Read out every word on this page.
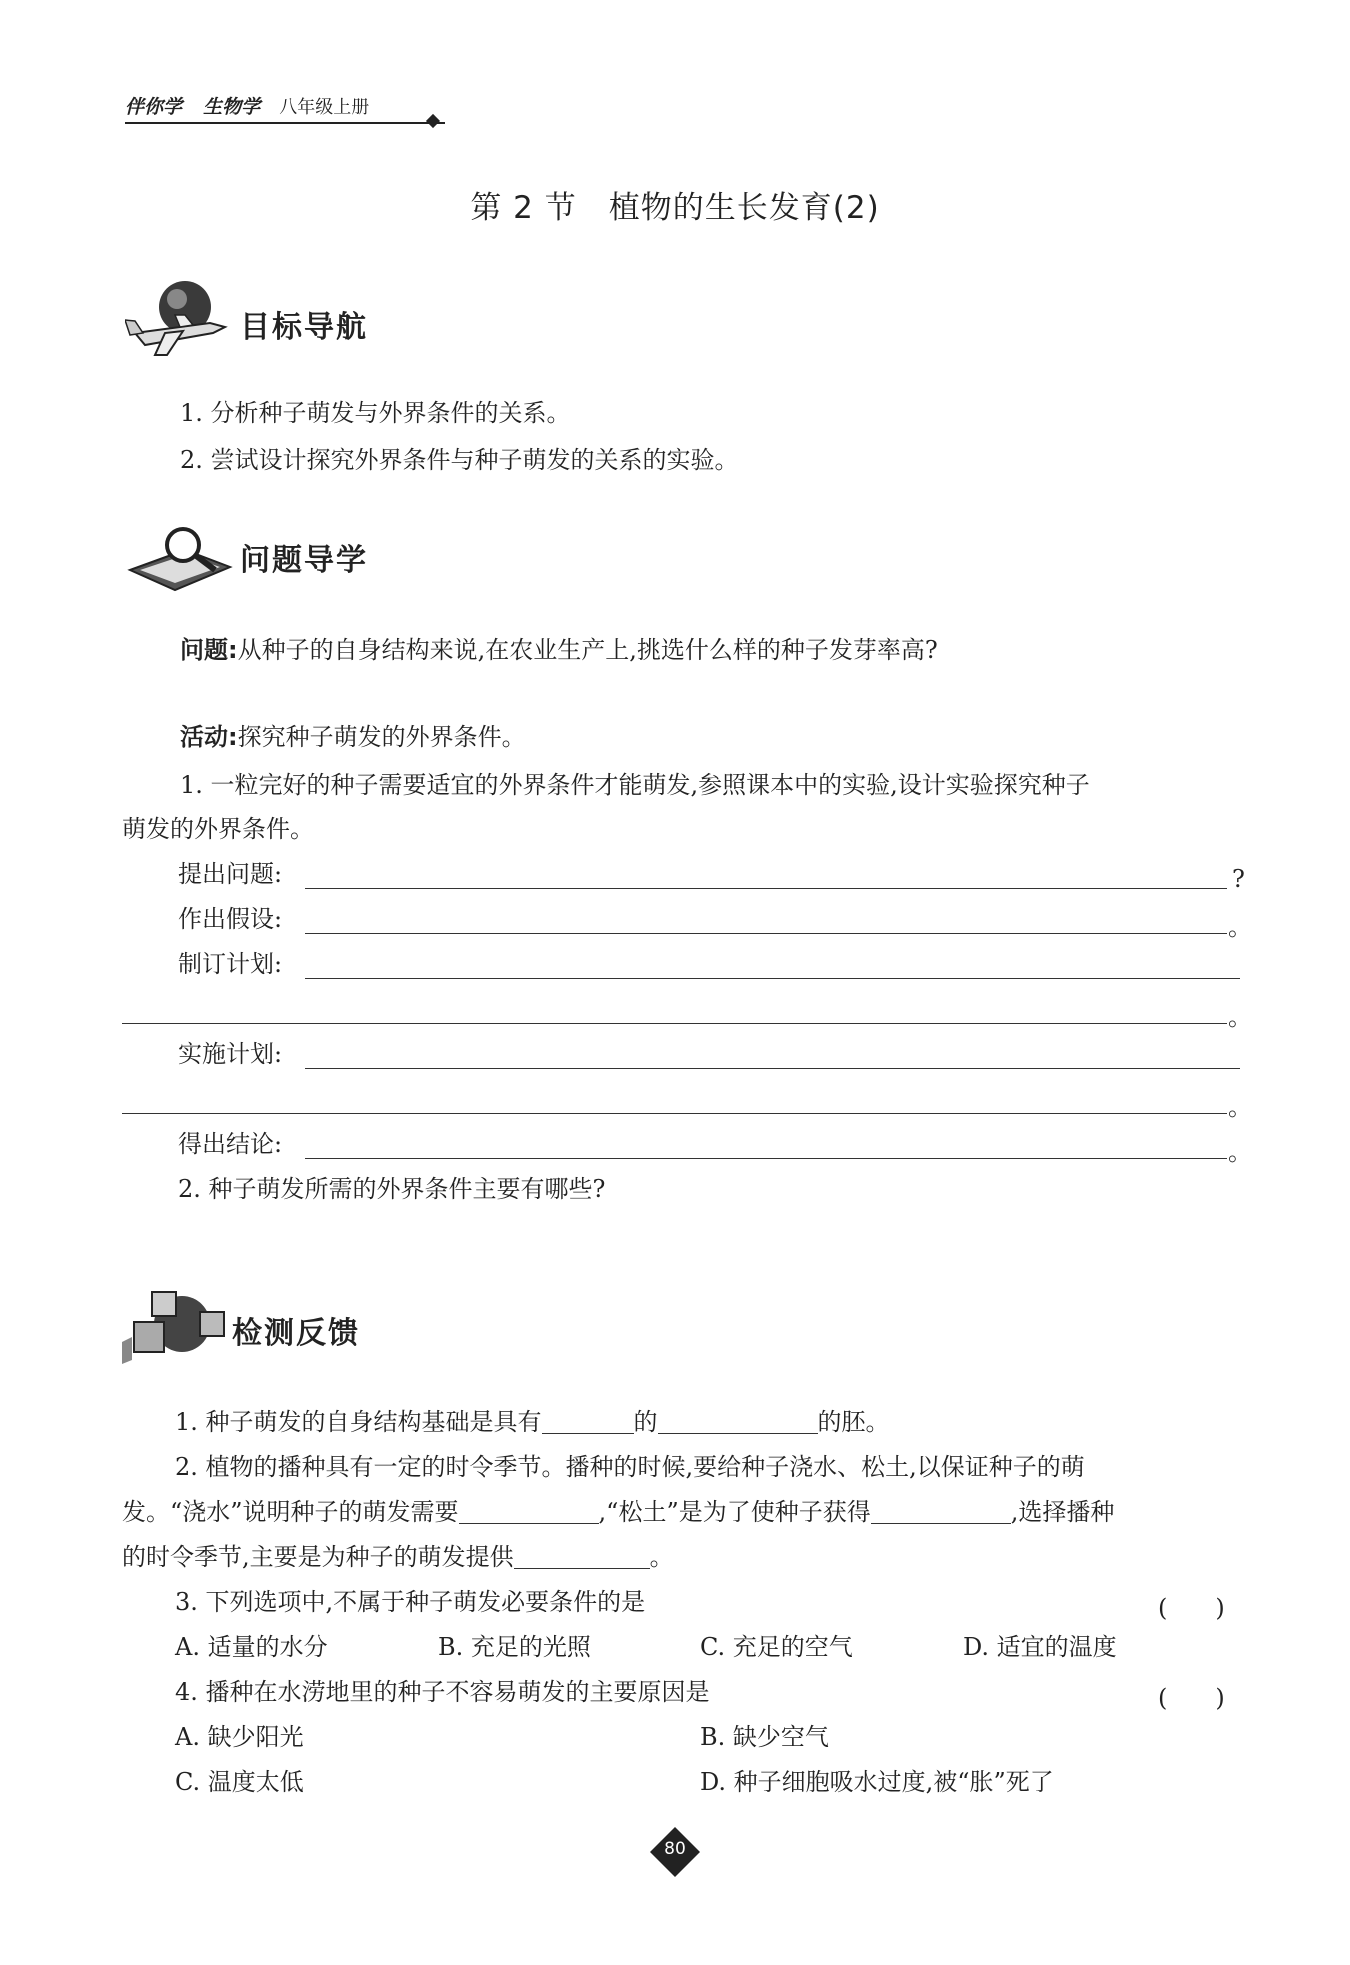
伴你学 生物学 八年级上册
第 2 节　植物的生长发育(2)
目标导航
1. 分析种子萌发与外界条件的关系。
2. 尝试设计探究外界条件与种子萌发的关系的实验。
问题导学
问题:从种子的自身结构来说,在农业生产上,挑选什么样的种子发芽率高?
活动:探究种子萌发的外界条件。
1. 一粒完好的种子需要适宜的外界条件才能萌发,参照课本中的实验,设计实验探究种子
萌发的外界条件。
提出问题:	?
作出假设:	。
制订计划:
。
实施计划:
。
得出结论:	。
2. 种子萌发所需的外界条件主要有哪些?
检测反馈
1. 种子萌发的自身结构基础是具有	的	的胚。
2. 植物的播种具有一定的时令季节。播种的时候,要给种子浇水、松土,以保证种子的萌
发。“浇水”说明种子的萌发需要	,“松土”是为了使种子获得	,选择播种
的时令季节,主要是为种子的萌发提供	。
3. 下列选项中,不属于种子萌发必要条件的是	(　　)
A. 适量的水分	B. 充足的光照	C. 充足的空气	D. 适宜的温度
4. 播种在水涝地里的种子不容易萌发的主要原因是	(　　)
A. 缺少阳光	B. 缺少空气
C. 温度太低	D. 种子细胞吸水过度,被“胀”死了
80
